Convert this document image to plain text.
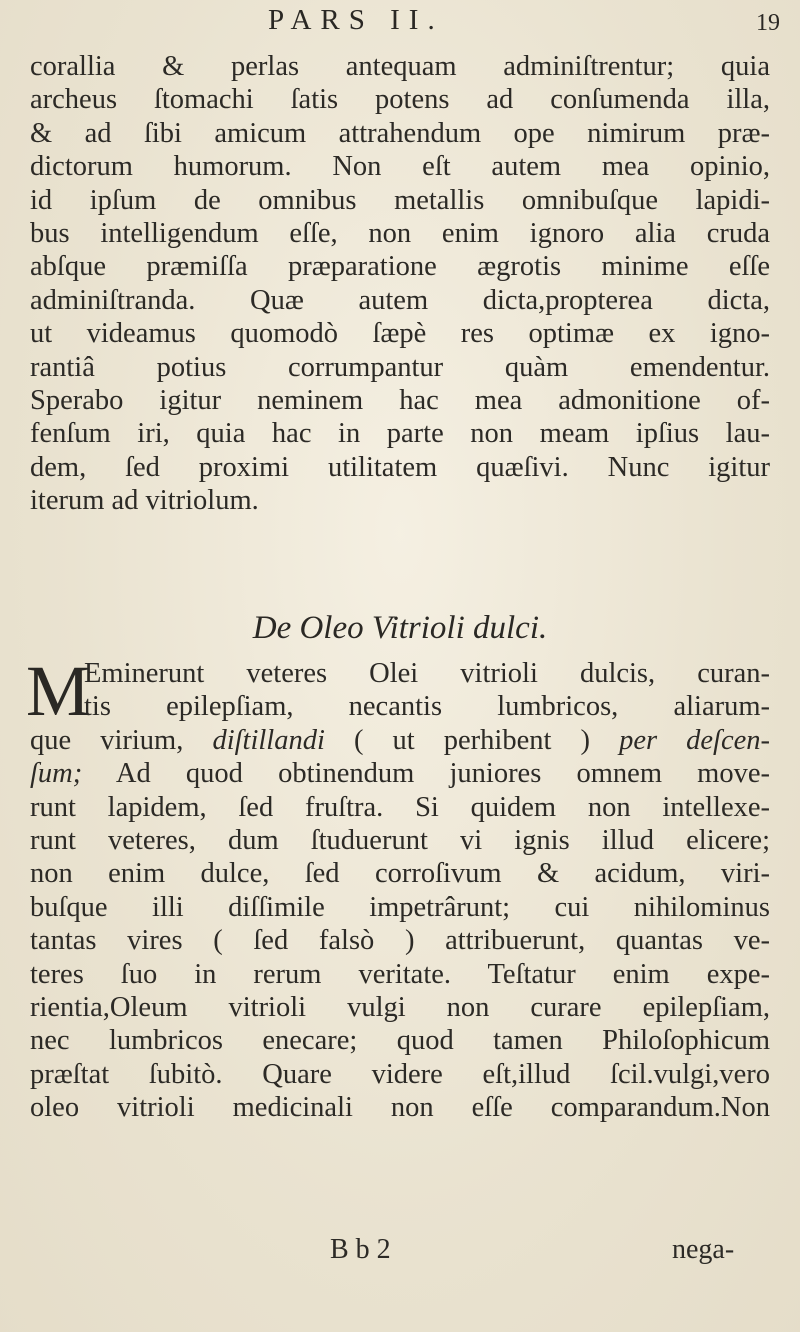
PARS II.	19
corallia & perlas antequam adminiſtrentur; quia
archeus ſtomachi ſatis potens ad conſumenda illa,
& ad ſibi amicum attrahendum ope nimirum præ-
dictorum humorum. Non eſt autem mea opinio,
id ipſum de omnibus metallis omnibuſque lapidi-
bus intelligendum eſſe, non enim ignoro alia cruda
abſque præmiſſa præparatione ægrotis minime eſſe
adminiſtranda. Quæ autem dicta,propterea dicta,
ut videamus quomodò ſæpè res optimæ ex igno-
rantiâ potius corrumpantur quàm emendentur.
Sperabo igitur neminem hac mea admonitione of-
fenſum iri, quia hac in parte non meam ipſius lau-
dem, ſed proximi utilitatem quæſivi. Nunc igitur
iterum ad vitriolum.
De Oleo Vitrioli dulci.
M
Eminerunt veteres Olei vitrioli dulcis, curan-
tis epilepſiam, necantis lumbricos, aliarum-
que virium, diſtillandi ( ut perhibent ) per deſcen-
ſum; Ad quod obtinendum juniores omnem move-
runt lapidem, ſed fruſtra. Si quidem non intellexe-
runt veteres, dum ſtuduerunt vi ignis illud elicere;
non enim dulce, ſed corroſivum & acidum, viri-
buſque illi diſſimile impetrârunt; cui nihilominus
tantas vires ( ſed falsò ) attribuerunt, quantas ve-
teres ſuo in rerum veritate. Teſtatur enim expe-
rientia,Oleum vitrioli vulgi non curare epilepſiam,
nec lumbricos enecare; quod tamen Philoſophicum
præſtat ſubitò. Quare videre eſt,illud ſcil.vulgi,vero
oleo vitrioli medicinali non eſſe comparandum.Non
B b 2	nega-
